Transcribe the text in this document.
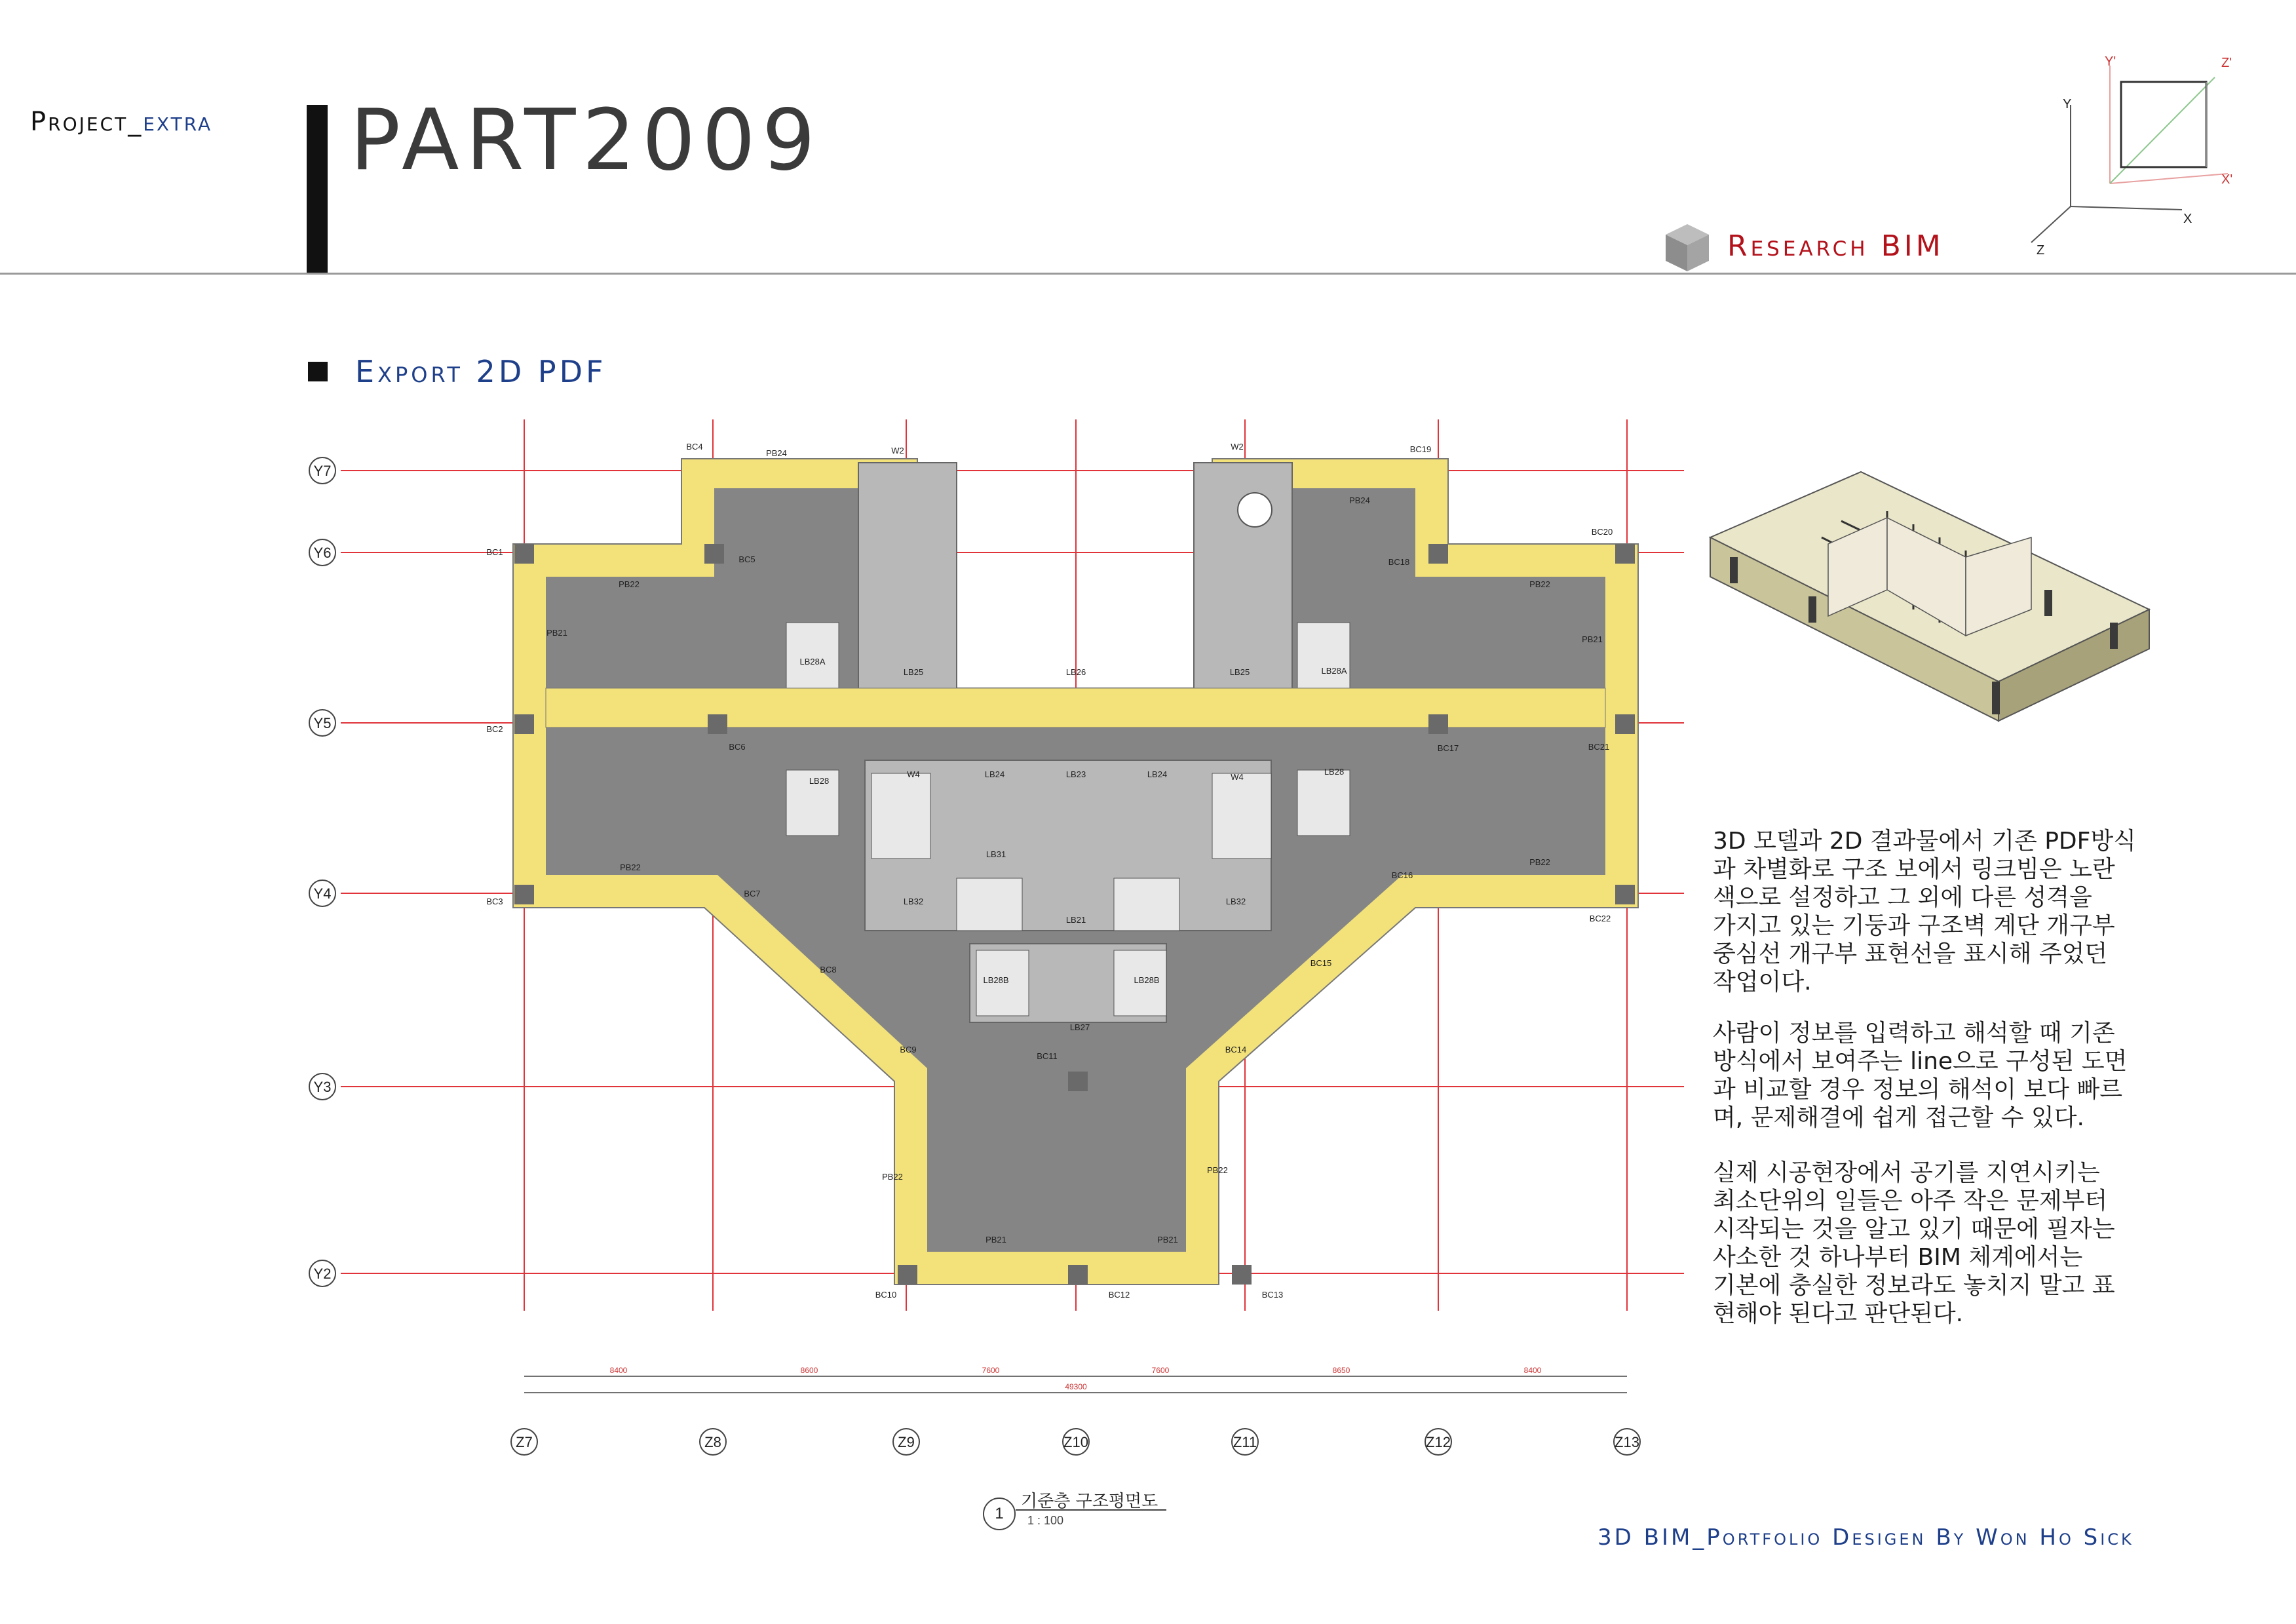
Project_extra PART2009
Research BIM
Y'	Z'
Y
X'
X
Z
Export 2D PDF
Y7
Y6
Y5
Y4
Y3
Y2
Z7	Z8	Z9	Z10	Z11	Z12	Z13
8400	8600	7600	7600	8650	8400
49300
BC4
PB24	W2	W2	BC19
PB24
BC1
BC5	BC18
BC20
PB22	PB22
PB21
PB21
LB28A
LB28A
LB25	LB26	LB25
BC2
BC6	BC17	BC21
W4	LB24	LB23	LB24	W4
LB28
LB28
LB31
LB32	LB32
LB21
BC3
BC7
BC16
BC22
PB22
PB22
BC8
BC15
LB28B	LB28B
LB27
BC9
BC11
BC14
PB22
PB22
PB21	PB21
BC10	BC12	BC13
1
기준층 구조평면도
1 : 100
3D 모델과 2D 결과물에서 기존 PDF방식
과 차별화로 구조 보에서 링크빔은 노란
색으로 설정하고 그 외에 다른 성격을
가지고 있는 기둥과 구조벽 계단 개구부
중심선 개구부 표현선을 표시해 주었던
작업이다.
사람이 정보를 입력하고 해석할 때 기존
방식에서 보여주는 line으로 구성된 도면
과 비교할 경우 정보의 해석이 보다 빠르
며, 문제해결에 쉽게 접근할 수 있다.
실제 시공현장에서 공기를 지연시키는
최소단위의 일들은 아주 작은 문제부터
시작되는 것을 알고 있기 때문에 필자는
사소한 것 하나부터 BIM 체계에서는
기본에 충실한 정보라도 놓치지 말고 표
현해야 된다고 판단된다.
3D BIM_Portfolio Desigen By Won Ho Sick
